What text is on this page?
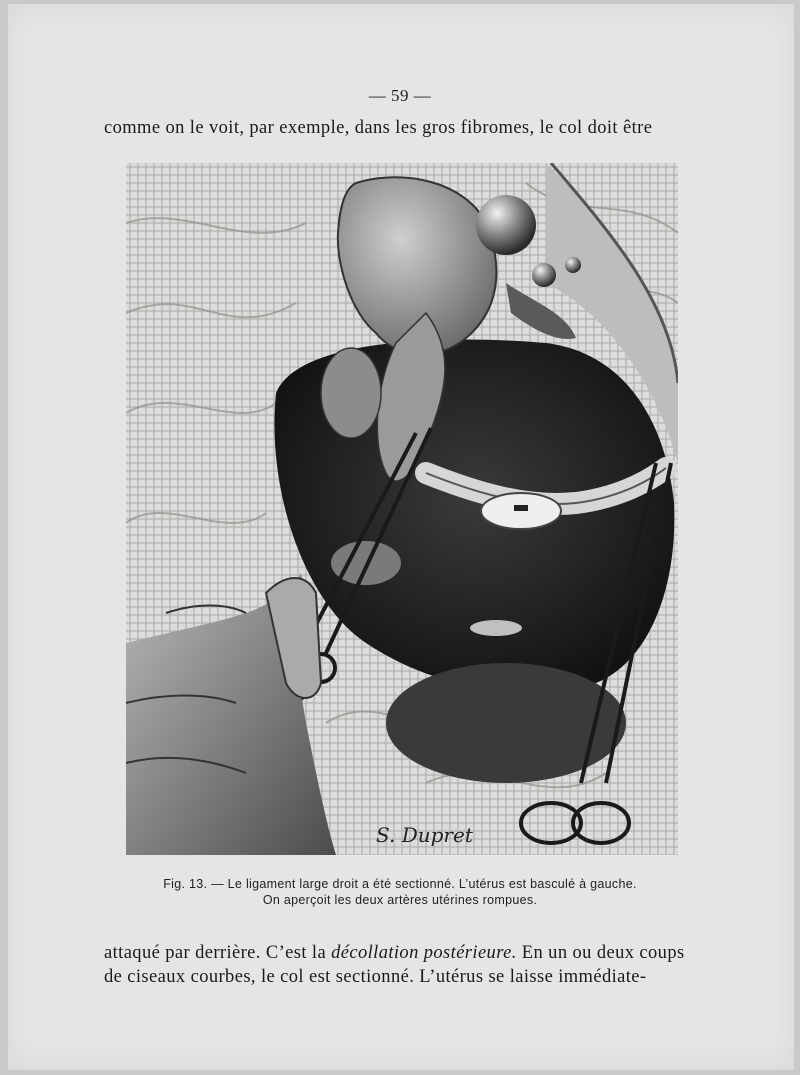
— 59 —
comme on le voit, par exemple, dans les gros fibromes, le col doit être
S. Dupret
Fig. 13. — Le ligament large droit a été sectionné. L’utérus est basculé à gauche.
On aperçoit les deux artères utérines rompues.
attaqué par derrière. C’est la décollation postérieure. En un ou deux coups
de ciseaux courbes, le col est sectionné. L’utérus se laisse immédiate-
